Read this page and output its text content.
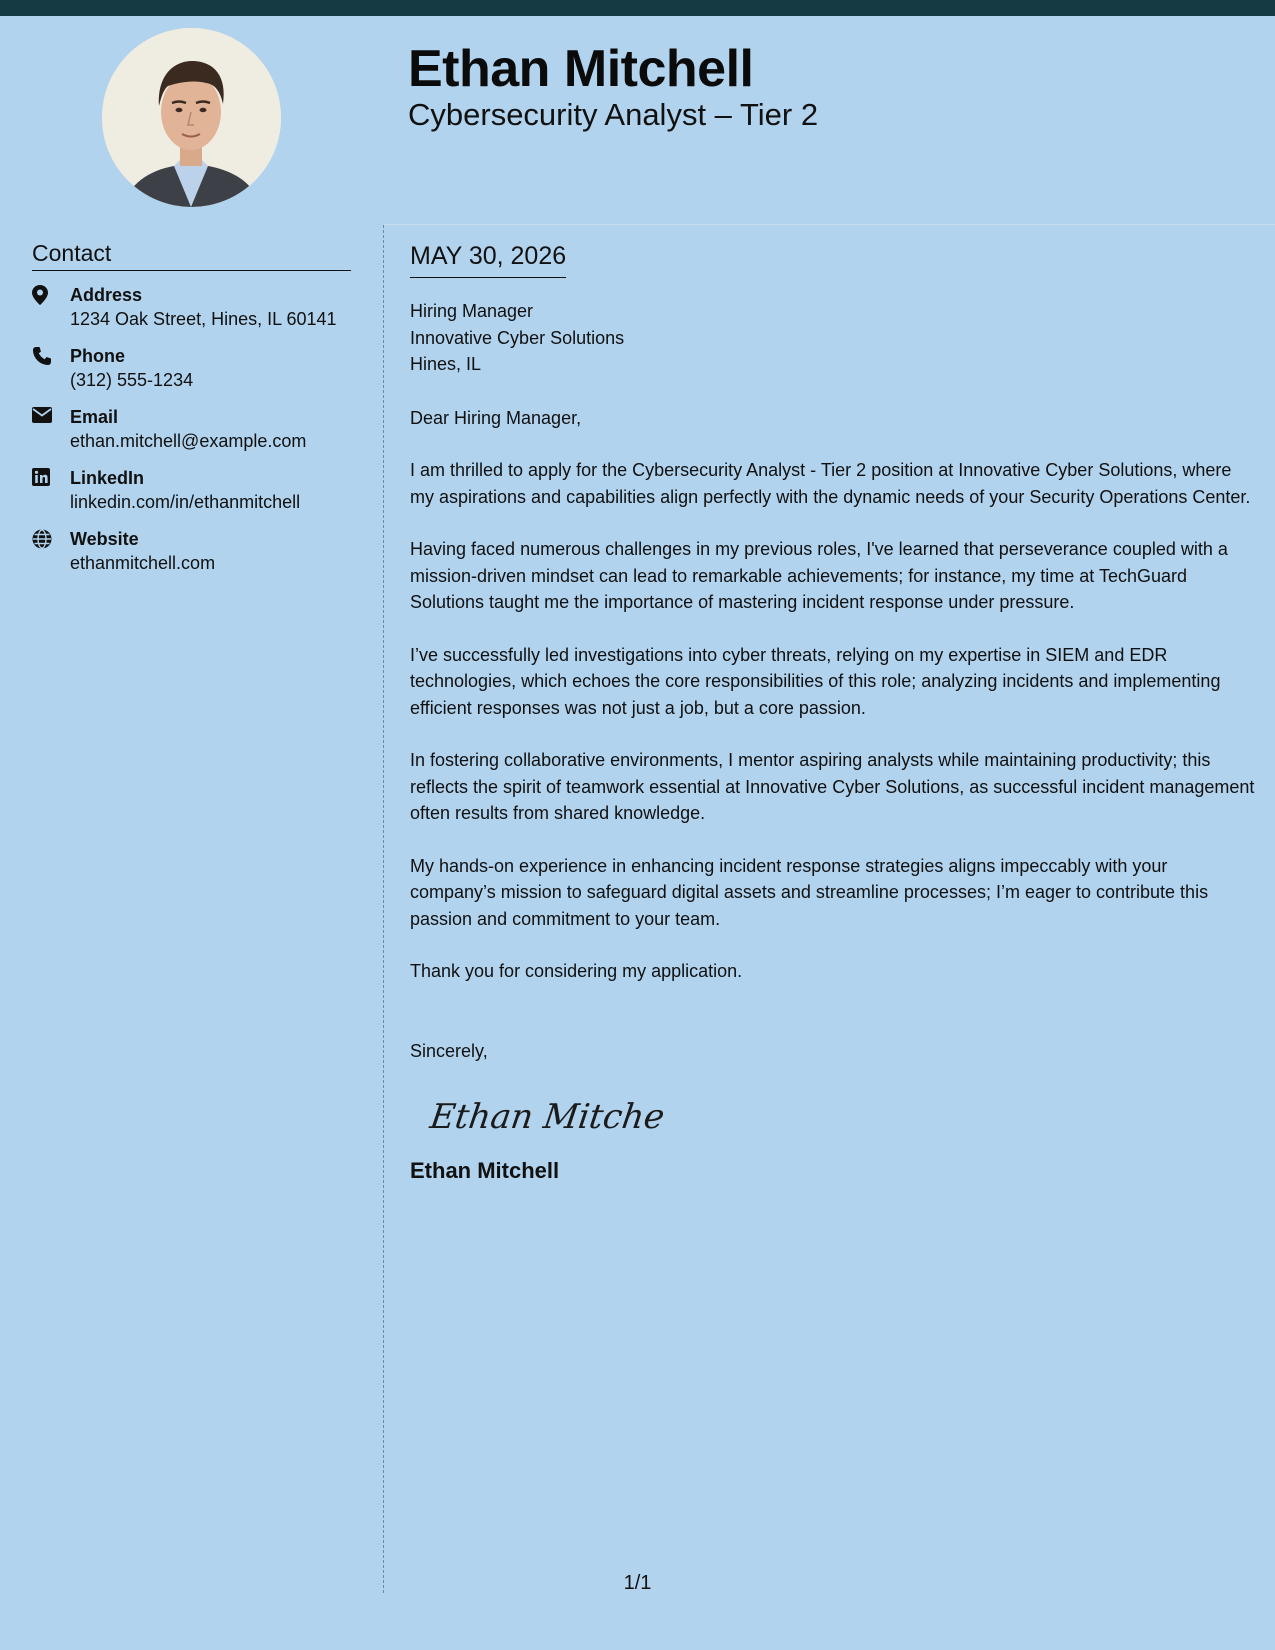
Ethan Mitchell
Cybersecurity Analyst – Tier 2
Contact
Address
1234 Oak Street, Hines, IL 60141
Phone
(312) 555-1234
Email
ethan.mitchell@example.com
LinkedIn
linkedin.com/in/ethanmitchell
Website
ethanmitchell.com
MAY 30, 2026
Hiring Manager
Innovative Cyber Solutions
Hines, IL
Dear Hiring Manager,
I am thrilled to apply for the Cybersecurity Analyst - Tier 2 position at Innovative Cyber Solutions, where my aspirations and capabilities align perfectly with the dynamic needs of your Security Operations Center.
Having faced numerous challenges in my previous roles, I've learned that perseverance coupled with a mission-driven mindset can lead to remarkable achievements; for instance, my time at TechGuard Solutions taught me the importance of mastering incident response under pressure.
I’ve successfully led investigations into cyber threats, relying on my expertise in SIEM and EDR technologies, which echoes the core responsibilities of this role; analyzing incidents and implementing efficient responses was not just a job, but a core passion.
In fostering collaborative environments, I mentor aspiring analysts while maintaining productivity; this reflects the spirit of teamwork essential at Innovative Cyber Solutions, as successful incident management often results from shared knowledge.
My hands-on experience in enhancing incident response strategies aligns impeccably with your company’s mission to safeguard digital assets and streamline processes; I’m eager to contribute this passion and commitment to your team.
Thank you for considering my application.
Sincerely,
Ethan Mitchell
Ethan Mitchell
1/1
